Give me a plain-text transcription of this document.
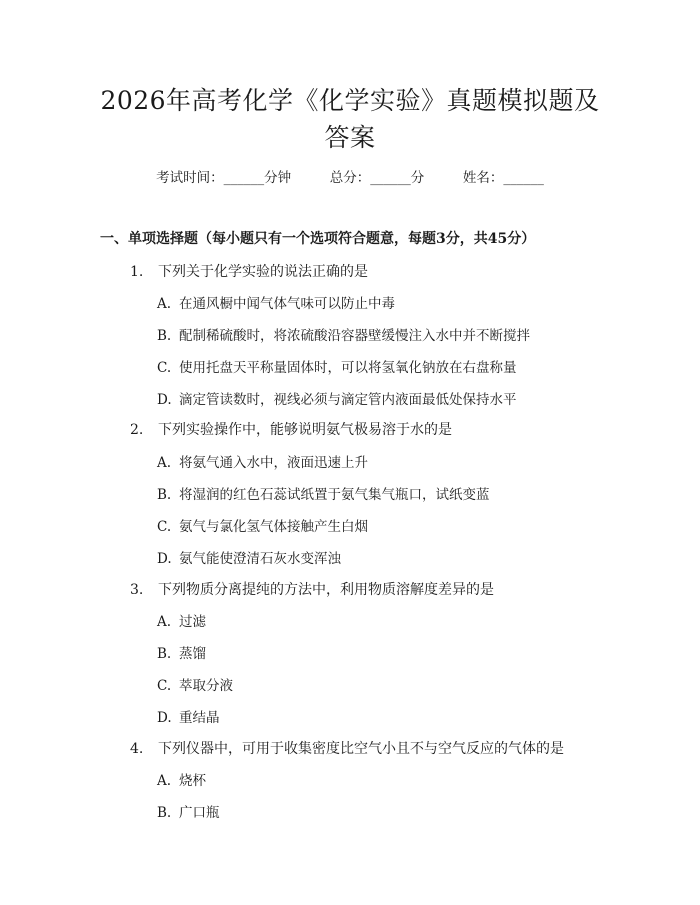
2026年高考化学《化学实验》真题模拟题及
答案
考试时间：______分钟	总分：______分	姓名：______
一、单项选择题（每小题只有一个选项符合题意，每题3分，共45分）
1. 下列关于化学实验的说法正确的是
A. 在通风橱中闻气体气味可以防止中毒
B. 配制稀硫酸时，将浓硫酸沿容器壁缓慢注入水中并不断搅拌
C. 使用托盘天平称量固体时，可以将氢氧化钠放在右盘称量
D. 滴定管读数时，视线必须与滴定管内液面最低处保持水平
2. 下列实验操作中，能够说明氨气极易溶于水的是
A. 将氨气通入水中，液面迅速上升
B. 将湿润的红色石蕊试纸置于氨气集气瓶口，试纸变蓝
C. 氨气与氯化氢气体接触产生白烟
D. 氨气能使澄清石灰水变浑浊
3. 下列物质分离提纯的方法中，利用物质溶解度差异的是
A. 过滤
B. 蒸馏
C. 萃取分液
D. 重结晶
4. 下列仪器中，可用于收集密度比空气小且不与空气反应的气体的是
A. 烧杯
B. 广口瓶
